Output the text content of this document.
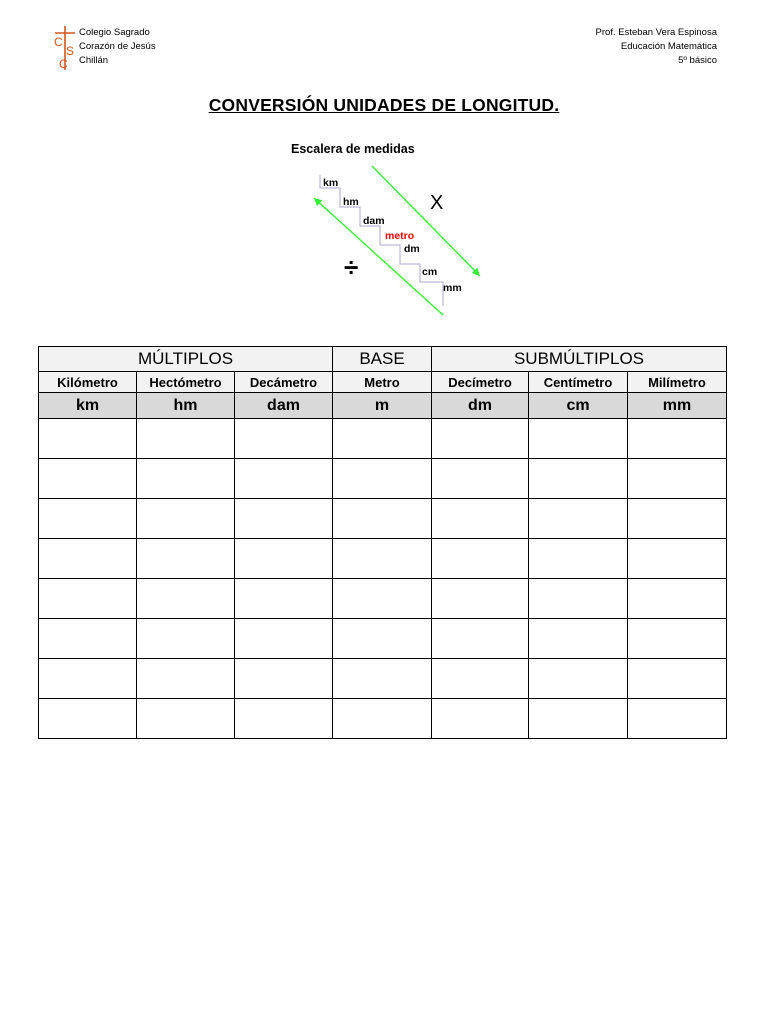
C
S
C
Colegio Sagrado
Corazón de Jesús
Chillán
Prof. Esteban Vera Espinosa
Educación Matemática
5º básico
CONVERSIÓN UNIDADES DE LONGITUD.
Escalera de medidas
km
hm
dam
metro
dm
cm
mm
X
÷
MÚLTIPLOS			BASE	SUBMÚLTIPLOS		
Kilómetro	Hectómetro	Decámetro	Metro	Decímetro	Centímetro	Milímetro
km	hm	dam	m	dm	cm	mm
